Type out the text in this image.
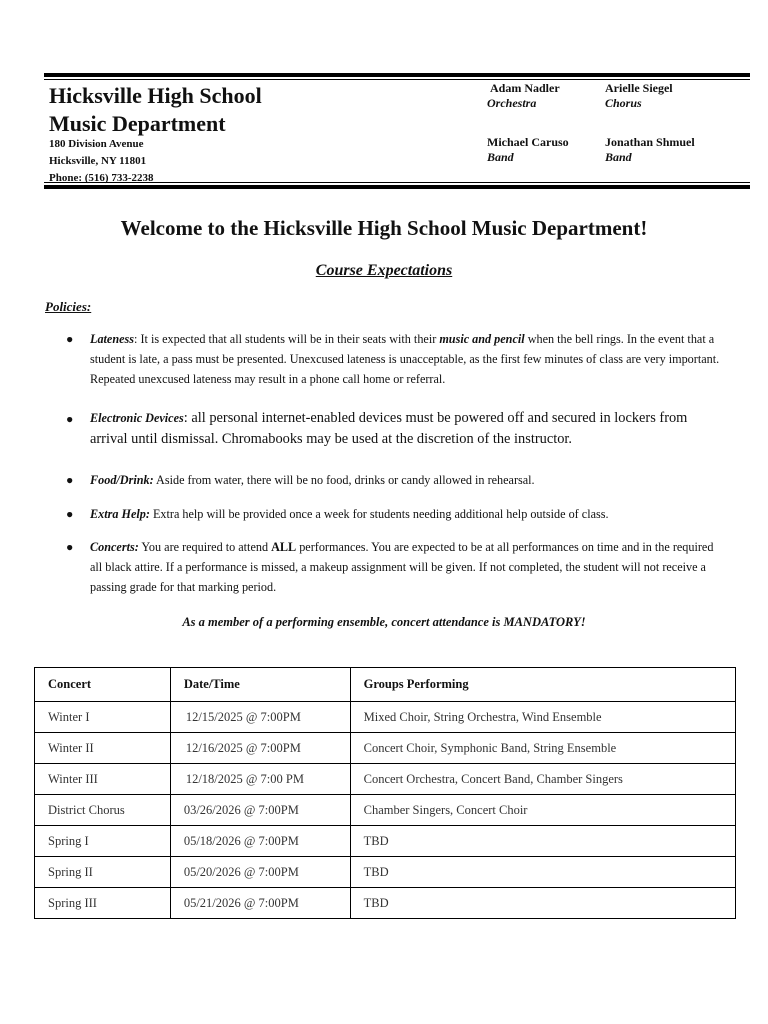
Hicksville High School
Music Department
180 Division Avenue
Hicksville, NY 11801
Phone: (516) 733-2238
Adam Nadler
Orchestra
Arielle Siegel
Chorus
Michael Caruso
Band
Jonathan Shmuel
Band
Welcome to the Hicksville High School Music Department!
Course Expectations
Policies:
● Lateness: It is expected that all students will be in their seats with their music and pencil when the bell rings. In the event that a student is late, a pass must be presented. Unexcused lateness is unacceptable, as the first few minutes of class are very important. Repeated unexcused lateness may result in a phone call home or referral.
● Electronic Devices: all personal internet-enabled devices must be powered off and secured in lockers from arrival until dismissal. Chromabooks may be used at the discretion of the instructor.
● Food/Drink: Aside from water, there will be no food, drinks or candy allowed in rehearsal.
● Extra Help: Extra help will be provided once a week for students needing additional help outside of class.
● Concerts: You are required to attend ALL performances. You are expected to be at all performances on time and in the required all black attire. If a performance is missed, a makeup assignment will be given. If not completed, the student will not receive a passing grade for that marking period.
As a member of a performing ensemble, concert attendance is MANDATORY!
Concert	Date/Time	Groups Performing
Winter I	12/15/2025 @ 7:00PM	Mixed Choir, String Orchestra, Wind Ensemble
Winter II	12/16/2025 @ 7:00PM	Concert Choir, Symphonic Band, String Ensemble
Winter III	12/18/2025 @ 7:00 PM	Concert Orchestra, Concert Band, Chamber Singers
District Chorus	03/26/2026 @ 7:00PM	Chamber Singers, Concert Choir
Spring I	05/18/2026 @ 7:00PM	TBD
Spring II	05/20/2026 @ 7:00PM	TBD
Spring III	05/21/2026 @ 7:00PM	TBD
